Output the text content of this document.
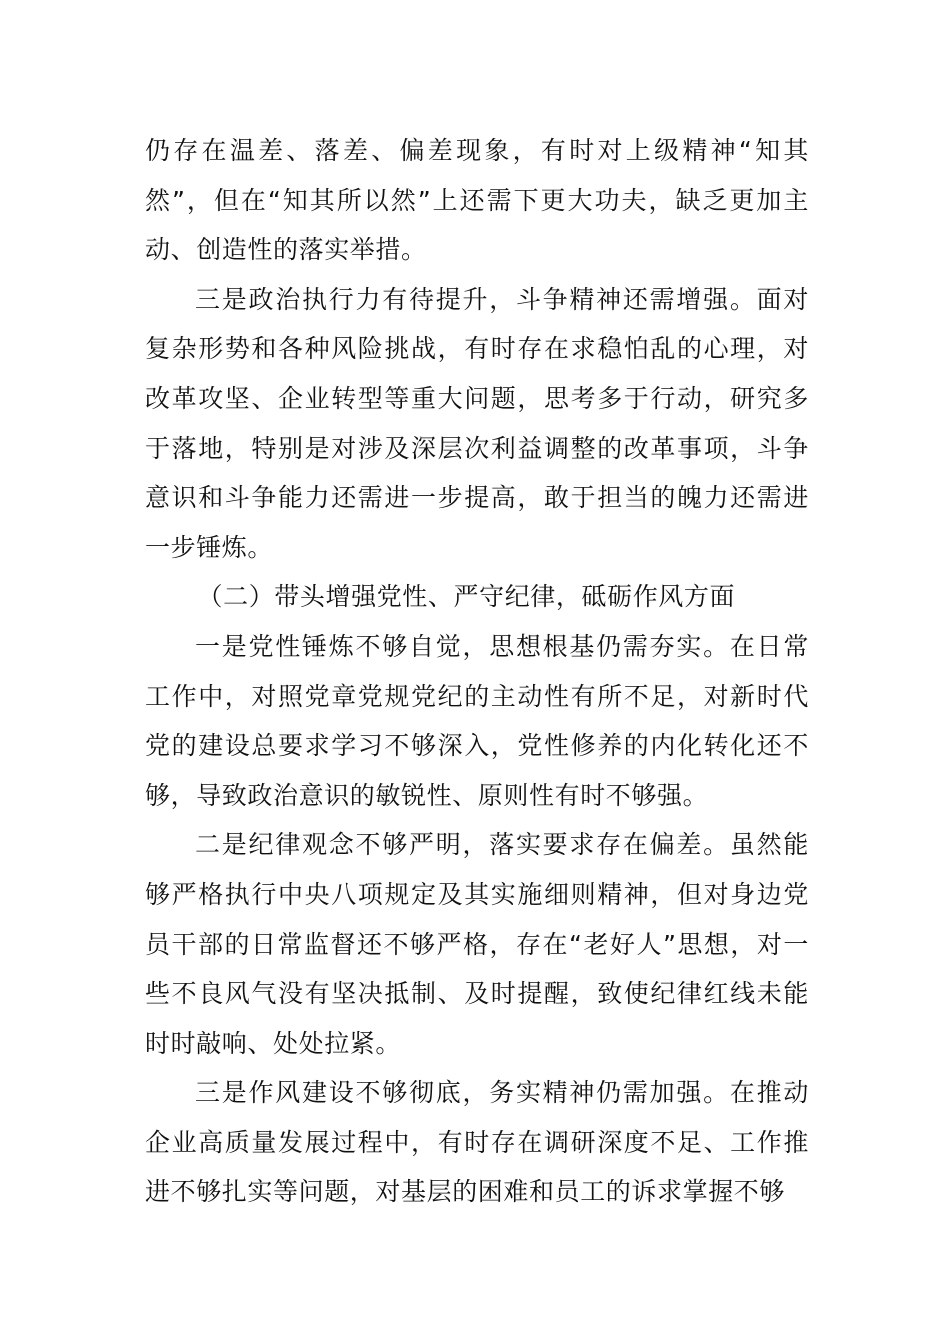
仍存在温差、落差、偏差现象，有时对上级精神“知其然”，但在“知其所以然”上还需下更大功夫，缺乏更加主动、创造性的落实举措。

三是政治执行力有待提升，斗争精神还需增强。面对复杂形势和各种风险挑战，有时存在求稳怕乱的心理，对改革攻坚、企业转型等重大问题，思考多于行动，研究多于落地，特别是对涉及深层次利益调整的改革事项，斗争意识和斗争能力还需进一步提高，敢于担当的魄力还需进一步锤炼。

（二）带头增强党性、严守纪律，砥砺作风方面

一是党性锤炼不够自觉，思想根基仍需夯实。在日常工作中，对照党章党规党纪的主动性有所不足，对新时代党的建设总要求学习不够深入，党性修养的内化转化还不够，导致政治意识的敏锐性、原则性有时不够强。

二是纪律观念不够严明，落实要求存在偏差。虽然能够严格执行中央八项规定及其实施细则精神，但对身边党员干部的日常监督还不够严格，存在“老好人”思想，对一些不良风气没有坚决抵制、及时提醒，致使纪律红线未能时时敲响、处处拉紧。

三是作风建设不够彻底，务实精神仍需加强。在推动企业高质量发展过程中，有时存在调研深度不足、工作推进不够扎实等问题，对基层的困难和员工的诉求掌握不够
